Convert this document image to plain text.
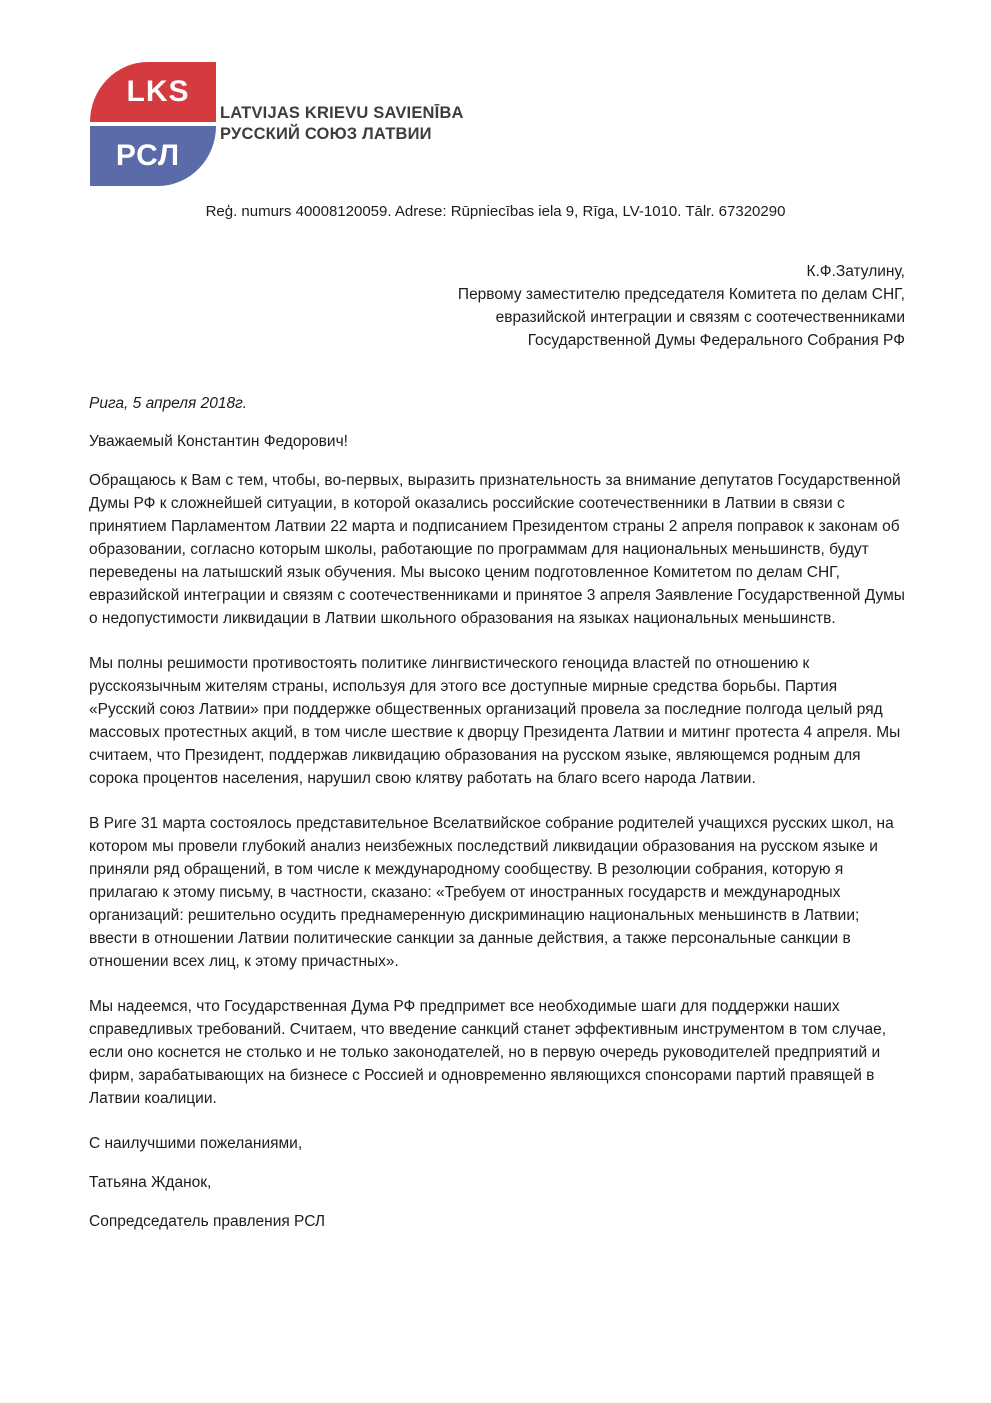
LKS
РСЛ
LATVIJAS KRIEVU SAVIENĪBA
РУССКИЙ СОЮЗ ЛАТВИИ
Reģ. numurs 40008120059. Adrese: Rūpniecības iela 9, Rīga, LV-1010. Tālr. 67320290
К.Ф.Затулину,
Первому заместителю председателя Комитета по делам СНГ,
евразийской интеграции и связям с соотечественниками
Государственной Думы Федерального Собрания РФ
Рига, 5 апреля 2018г.
Уважаемый Константин Федорович!

Обращаюсь к Вам с тем, чтобы, во-первых, выразить признательность за внимание депутатов Государственной Думы РФ к сложнейшей ситуации, в которой оказались российские соотечественники в Латвии в связи с принятием Парламентом Латвии 22 марта и подписанием Президентом страны 2 апреля поправок к законам об образовании, согласно которым школы, работающие по программам для национальных меньшинств, будут переведены на латышский язык обучения. Мы высоко ценим подготовленное Комитетом по делам СНГ, евразийской интеграции и связям с соотечественниками и принятое 3 апреля Заявление Государственной Думы о недопустимости ликвидации в Латвии школьного образования на языках национальных меньшинств.

Мы полны решимости противостоять политике лингвистического геноцида властей по отношению к русскоязычным жителям страны, используя для этого все доступные мирные средства борьбы. Партия «Русский союз Латвии» при поддержке общественных организаций провела за последние полгода целый ряд массовых протестных акций, в том числе шествие к дворцу Президента Латвии и митинг протеста 4 апреля. Мы считаем, что Президент, поддержав ликвидацию образования на русском языке, являющемся родным для сорока процентов населения, нарушил свою клятву работать на благо всего народа Латвии.

В Риге 31 марта состоялось представительное Вселатвийское собрание родителей учащихся русских школ, на котором мы провели глубокий анализ неизбежных последствий ликвидации образования на русском языке и приняли ряд обращений, в том числе к международному сообществу. В резолюции собрания, которую я прилагаю к этому письму, в частности, сказано: «Требуем от иностранных государств и международных организаций: решительно осудить преднамеренную дискриминацию национальных меньшинств в Латвии; ввести в отношении Латвии политические санкции за данные действия, а также персональные санкции в отношении всех лиц, к этому причастных».

Мы надеемся, что Государственная Дума РФ предпримет все необходимые шаги для поддержки наших справедливых требований. Считаем, что введение санкций станет эффективным инструментом в том случае, если оно коснется не столько и не только законодателей, но в первую очередь руководителей предприятий и фирм, зарабатывающих на бизнесе с Россией и одновременно являющихся спонсорами партий правящей в Латвии коалиции.

С наилучшими пожеланиями,
Татьяна Жданок,
Сопредседатель правления РСЛ
